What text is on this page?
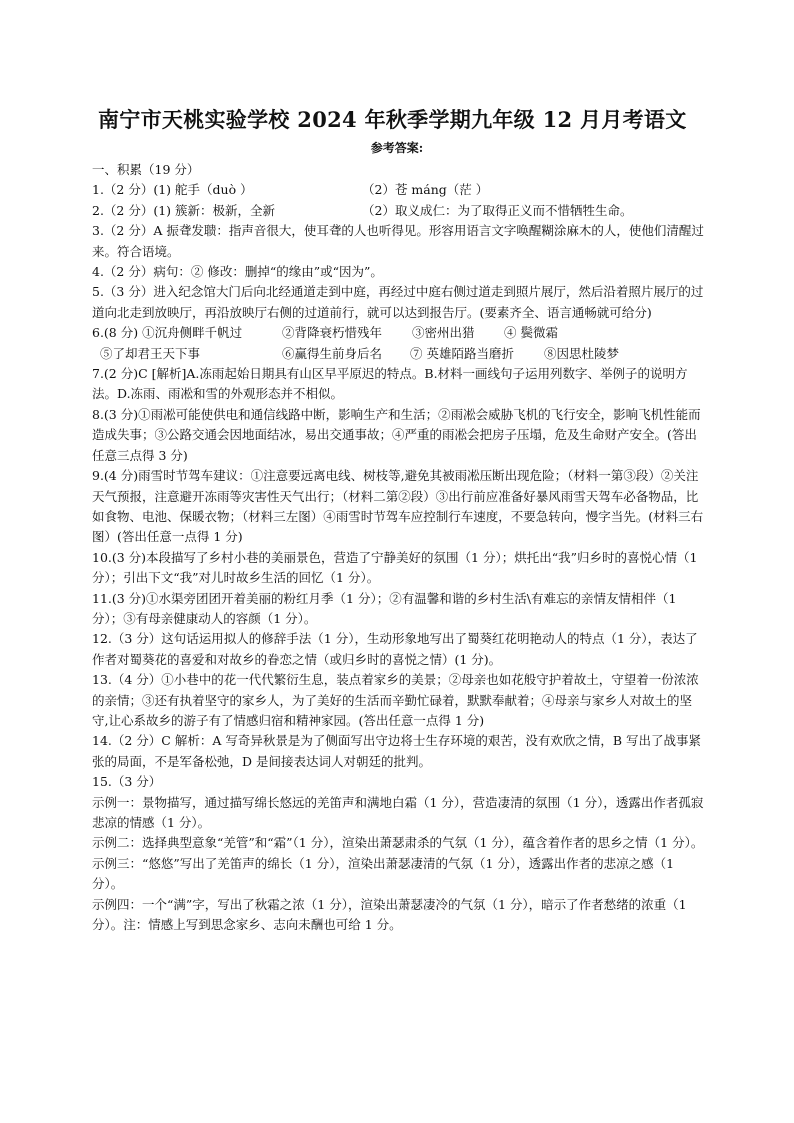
南宁市天桃实验学校 2024 年秋季学期九年级 12 月月考语文
参考答案:

一、积累（19 分）

1.（2 分）(1) 舵手（duò ）	（2）苍 máng（茫 ）
2.（2 分）(1) 簇新：极新，全新	（2）取义成仁：为了取得正义而不惜牺牲生命。

3.（2 分）A 振聋发聩：指声音很大，使耳聋的人也听得见。形容用语言文字唤醒糊涂麻木的人，使他们清醒过来。符合语境。

4.（2 分）病句：② 修改：删掉“的缘由”或“因为”。

5.（3 分）进入纪念馆大门后向北经通道走到中庭，再经过中庭右侧过道走到照片展厅，然后沿着照片展厅的过道向北走到放映厅，再沿放映厅右侧的过道前行，就可以达到报告厅。(要素齐全、语言通畅就可给分)

6.(8 分) ①沉舟侧畔千帆过	②背降衰朽惜残年	③密州出猎	④ 鬓微霜
⑤了却君王天下事	⑥赢得生前身后名	⑦ 英雄陌路当磨折	⑧因思杜陵梦

7.(2 分)C [解析]A.冻雨起始日期具有山区早平原迟的特点。B.材料一画线句子运用列数字、举例子的说明方法。D.冻雨、雨凇和雪的外观形态并不相似。

8.(3 分)①雨凇可能使供电和通信线路中断，影响生产和生活；②雨凇会威胁飞机的飞行安全，影响飞机性能而造成失事；③公路交通会因地面结冰，易出交通事故；④严重的雨凇会把房子压塌，危及生命财产安全。(答出任意三点得 3 分)

9.(4 分)雨雪时节驾车建议：①注意要远离电线、树枝等,避免其被雨凇压断出现危险；（材料一第③段）②关注天气预报，注意避开冻雨等灾害性天气出行；（材料二第②段）③出行前应准备好暴风雨雪天驾车必备物品，比如食物、电池、保暖衣物；（材料三左图）④雨雪时节驾车应控制行车速度，不要急转向，慢字当先。(材料三右图）(答出任意一点得 1 分)

10.(3 分)本段描写了乡村小巷的美丽景色，营造了宁静美好的氛围（1 分）；烘托出“我”归乡时的喜悦心情（1 分）；引出下文“我”对儿时故乡生活的回忆（1 分）。

11.(3 分)①水渠旁团团开着美丽的粉红月季（1 分）；②有温馨和谐的乡村生活\有难忘的亲情友情相伴（1 分）；③有母亲健康动人的容颜（1 分）。

12.（3 分）这句话运用拟人的修辞手法（1 分），生动形象地写出了蜀葵红花明艳动人的特点（1 分），表达了作者对蜀葵花的喜爱和对故乡的眷恋之情（或归乡时的喜悦之情）(1 分)。

13.（4 分）①小巷中的花一代代繁衍生息，装点着家乡的美景；②母亲也如花般守护着故土，守望着一份浓浓的亲情；③还有执着坚守的家乡人，为了美好的生活而辛勤忙碌着，默默奉献着；④母亲与家乡人对故土的坚守,让心系故乡的游子有了情感归宿和精神家园。(答出任意一点得 1 分)

14.（2 分）C 解析：A 写奇异秋景是为了侧面写出守边将士生存环境的艰苦，没有欢欣之情，B 写出了战事紧张的局面，不是军备松弛，D 是间接表达词人对朝廷的批判。

15.（3 分）

示例一：景物描写，通过描写绵长悠远的羌笛声和满地白霜（1 分），营造凄清的氛围（1 分），透露出作者孤寂悲凉的情感（1 分）。

示例二：选择典型意象“羌管”和“霜”（1 分），渲染出萧瑟肃杀的气氛（1 分），蕴含着作者的思乡之情（1 分）。

示例三：“悠悠”写出了羌笛声的绵长（1 分），渲染出萧瑟凄清的气氛（1 分），透露出作者的悲凉之感（1 分）。

示例四：一个“满”字，写出了秋霜之浓（1 分），渲染出萧瑟凄冷的气氛（1 分），暗示了作者愁绪的浓重（1 分）。注：情感上写到思念家乡、志向未酬也可给 1 分。
